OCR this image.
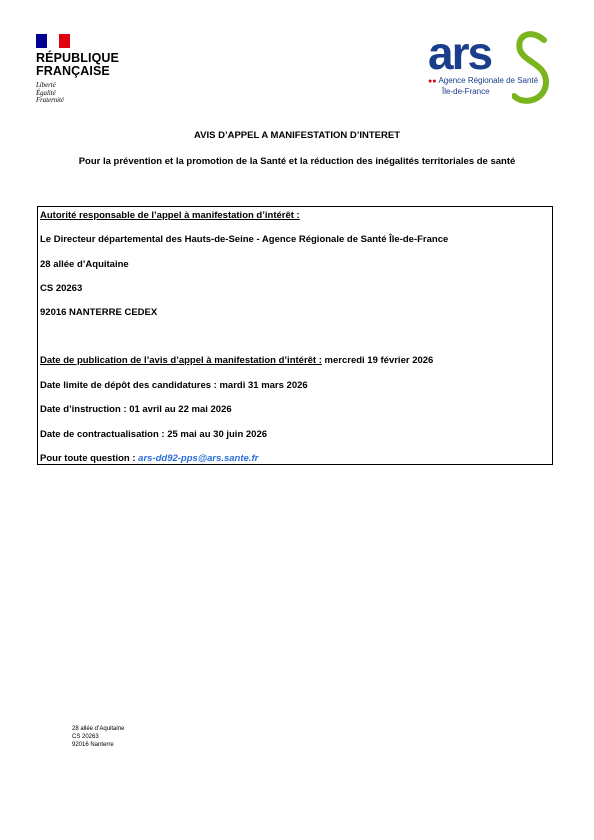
RÉPUBLIQUE
FRANÇAISE
Liberté
Égalité
Fraternité
ars
●● Agence Régionale de Santé
Île-de-France
AVIS D’APPEL A MANIFESTATION D’INTERET
Pour la prévention et la promotion de la Santé et la réduction des inégalités territoriales de santé
Autorité responsable de l’appel à manifestation d’intérêt :
Le Directeur départemental des Hauts-de-Seine - Agence Régionale de Santé Île-de-France
28 allée d’Aquitaine
CS 20263
92016 NANTERRE CEDEX
Date de publication de l’avis d’appel à manifestation d’intérêt : mercredi 19 février 2026
Date limite de dépôt des candidatures : mardi 31 mars 2026
Date d’instruction : 01 avril au 22 mai 2026
Date de contractualisation : 25 mai au 30 juin 2026
Pour toute question : ars-dd92-pps@ars.sante.fr
28 allée d’Aquitaine
CS 20263
92016 Nanterre
